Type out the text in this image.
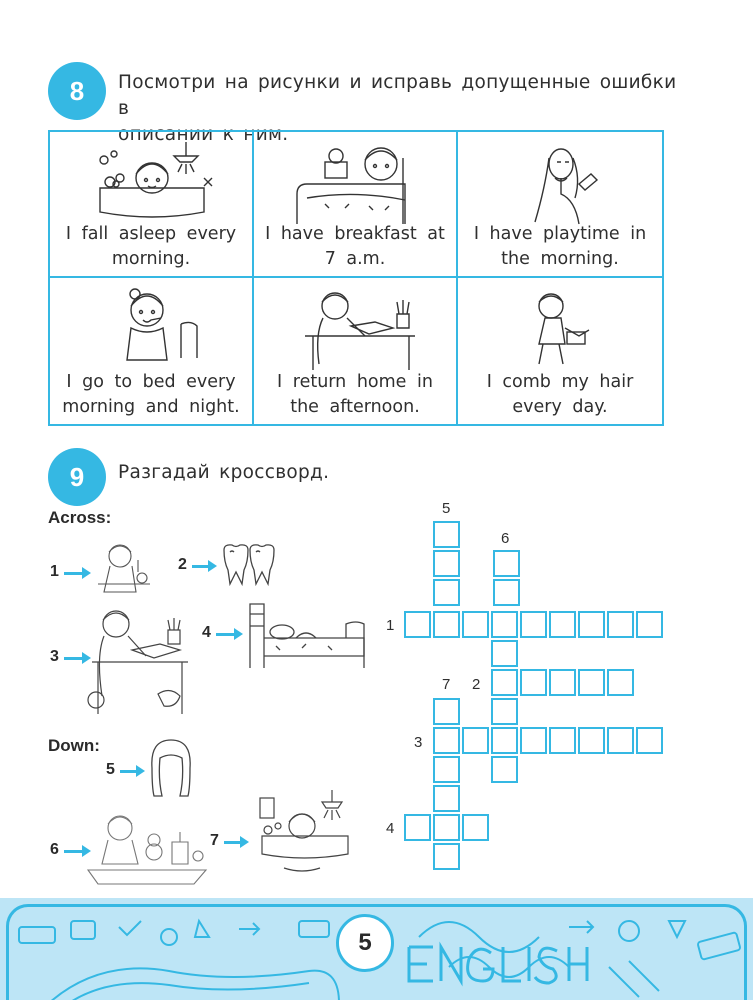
8	Посмотри на рисунки и исправь допущенные ошибки в
описании к ним.
I fall asleep every
morning.
I have breakfast at
7 a.m.
I have playtime in
the morning.
I go to bed every
morning and night.
I return home in
the afternoon.
I comb my hair
every day.
9	Разгадай кроссворд.
Across:
Down:
1	2
3
4
5
6
7
5
6
1
7 2
3
4
5
